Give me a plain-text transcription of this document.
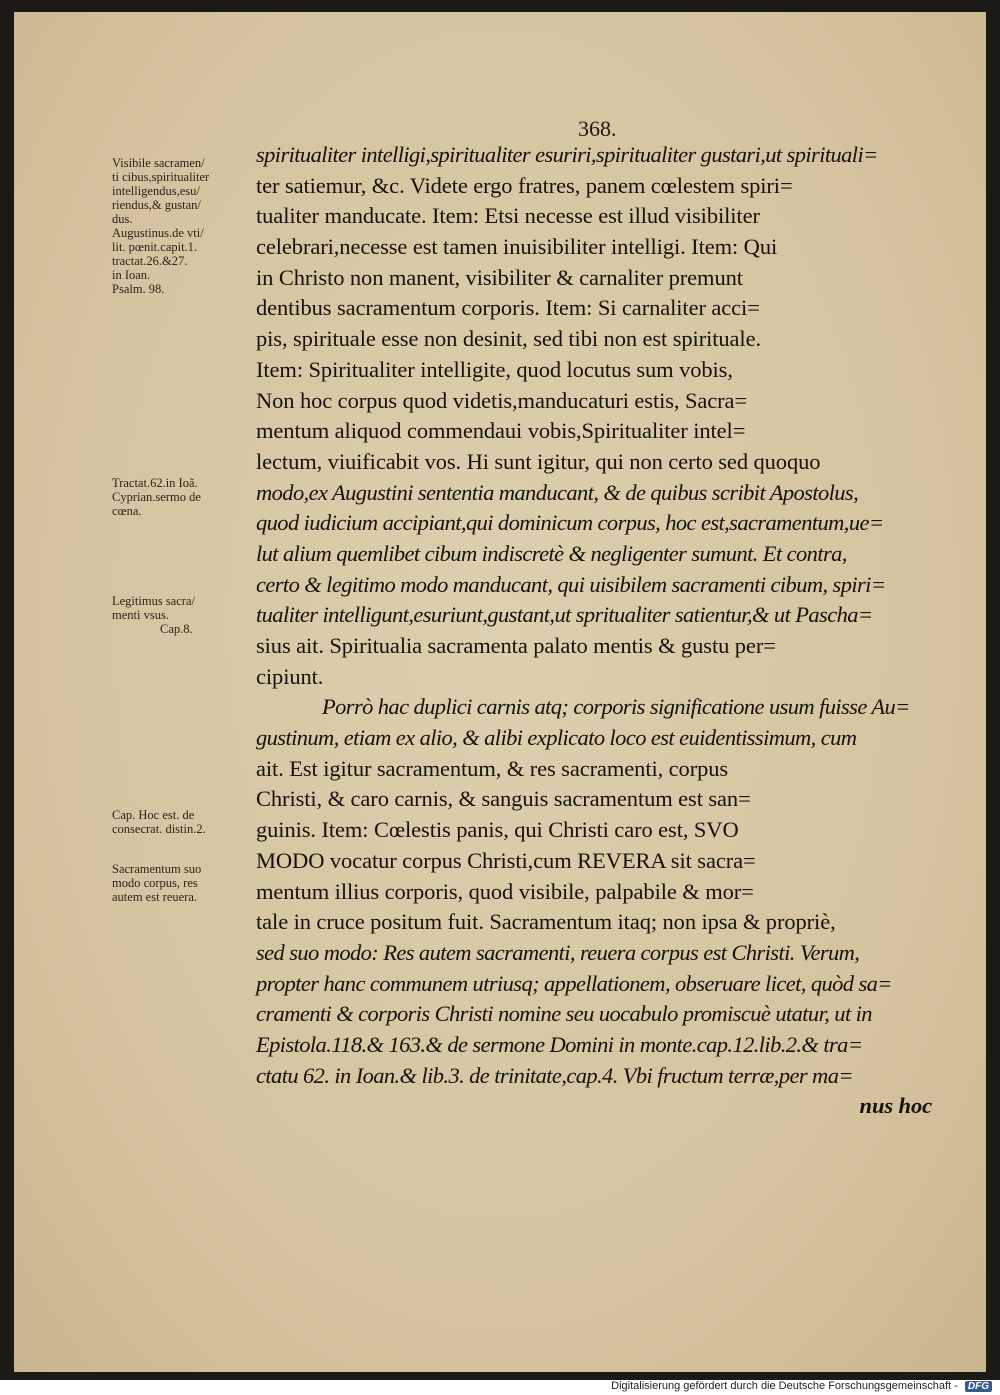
368.
Visibile sacramen/
ti cibus,spiritualiter
intelligendus,esu/
riendus,& gustan/
dus.
Augustinus.de vti/
lit. pœnit.capit.1.
tractat.26.&27.
in Ioan.
Psalm. 98.
Tractat.62.in Ioã.
Cyprian.sermo de
cœna.
Legitimus sacra/
menti vsus.
Cap.8.
Cap. Hoc est. de
consecrat. distin.2.
Sacramentum suo
modo corpus, res
autem est reuera.
spiritualiter intelligi,spiritualiter esuriri,spiritualiter gustari,ut spirituali=
ter satiemur, &c. Videte ergo fratres, panem cœlestem spiri=
tualiter manducate. Item: Etsi necesse est illud visibiliter
celebrari,necesse est tamen inuisibiliter intelligi. Item: Qui
in Christo non manent, visibiliter & carnaliter premunt
dentibus sacramentum corporis. Item: Si carnaliter acci=
pis, spirituale esse non desinit, sed tibi non est spirituale.
Item: Spiritualiter intelligite, quod locutus sum vobis,
Non hoc corpus quod videtis,manducaturi estis, Sacra=
mentum aliquod commendaui vobis,Spiritualiter intel=
lectum, viuificabit vos. Hi sunt igitur, qui non certo sed quoquo
modo,ex Augustini sententia manducant, & de quibus scribit Apostolus,
quod iudicium accipiant,qui dominicum corpus, hoc est,sacramentum,ue=
lut alium quemlibet cibum indiscretè & negligenter sumunt. Et contra,
certo & legitimo modo manducant, qui uisibilem sacramenti cibum, spiri=
tualiter intelligunt,esuriunt,gustant,ut spritualiter satientur,& ut Pascha=
sius ait. Spiritualia sacramenta palato mentis & gustu per=
cipiunt.
Porrò hac duplici carnis atq; corporis significatione usum fuisse Au=
gustinum, etiam ex alio, & alibi explicato loco est euidentissimum, cum
ait. Est igitur sacramentum, & res sacramenti, corpus
Christi, & caro carnis, & sanguis sacramentum est san=
guinis. Item: Cœlestis panis, qui Christi caro est, SVO
MODO vocatur corpus Christi,cum REVERA sit sacra=
mentum illius corporis, quod visibile, palpabile & mor=
tale in cruce positum fuit. Sacramentum itaq; non ipsa & propriè,
sed suo modo: Res autem sacramenti, reuera corpus est Christi. Verum,
propter hanc communem utriusq; appellationem, obseruare licet, quòd sa=
cramenti & corporis Christi nomine seu uocabulo promiscuè utatur, ut in
Epistola.118.& 163.& de sermone Domini in monte.cap.12.lib.2.& tra=
ctatu 62. in Ioan.& lib.3. de trinitate,cap.4. Vbi fructum terræ,per ma=
nus hoc
Digitalisierung gefördert durch die Deutsche Forschungsgemeinschaft - DFG
